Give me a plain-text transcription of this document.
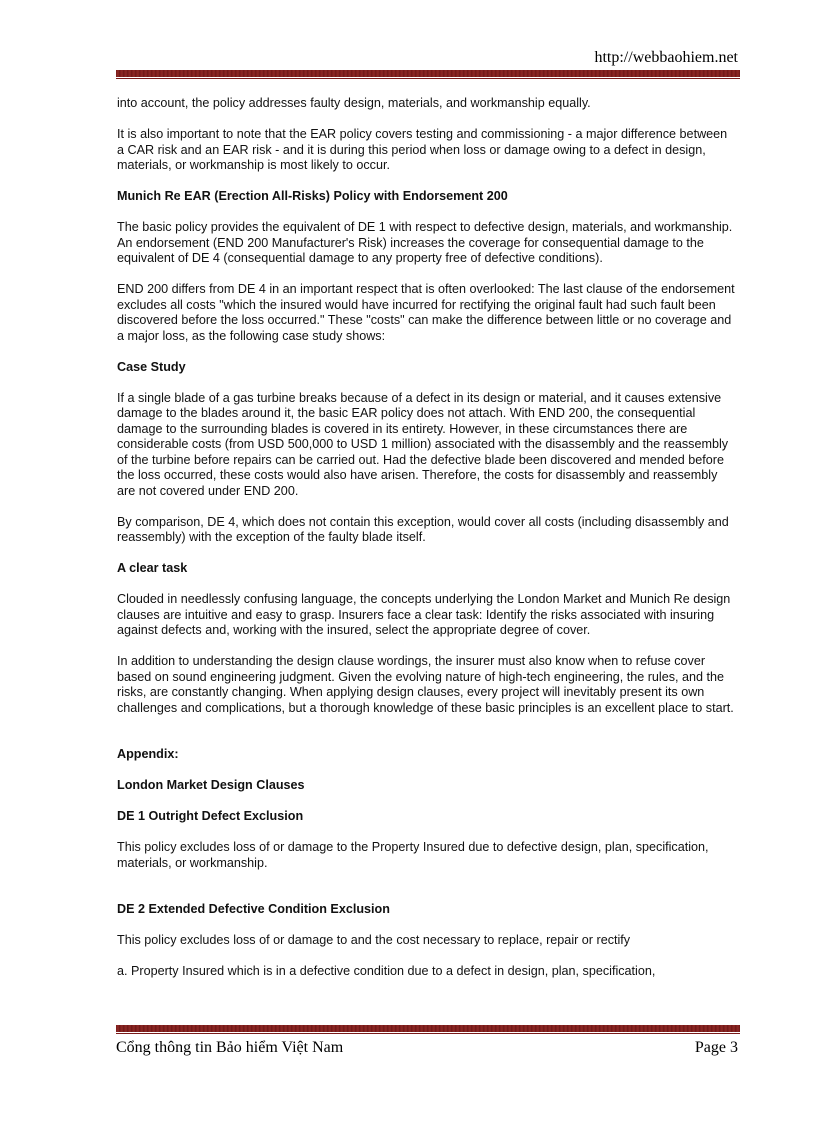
http://webbaohiem.net

into account, the policy addresses faulty design, materials, and workmanship equally.

It is also important to note that the EAR policy covers testing and commissioning - a major difference between a CAR risk and an EAR risk - and it is during this period when loss or damage owing to a defect in design, materials, or workmanship is most likely to occur.

Munich Re EAR (Erection All-Risks) Policy with Endorsement 200

The basic policy provides the equivalent of DE 1 with respect to defective design, materials, and workmanship. An endorsement (END 200 Manufacturer's Risk) increases the coverage for consequential damage to the equivalent of DE 4 (consequential damage to any property free of defective conditions).

END 200 differs from DE 4 in an important respect that is often overlooked: The last clause of the endorsement excludes all costs "which the insured would have incurred for rectifying the original fault had such fault been discovered before the loss occurred." These "costs" can make the difference between little or no coverage and a major loss, as the following case study shows:

Case Study

If a single blade of a gas turbine breaks because of a defect in its design or material, and it causes extensive damage to the blades around it, the basic EAR policy does not attach. With END 200, the consequential damage to the surrounding blades is covered in its entirety. However, in these circumstances there are considerable costs (from USD 500,000 to USD 1 million) associated with the disassembly and the reassembly of the turbine before repairs can be carried out. Had the defective blade been discovered and mended before the loss occurred, these costs would also have arisen. Therefore, the costs for disassembly and reassembly are not covered under END 200.

By comparison, DE 4, which does not contain this exception, would cover all costs (including disassembly and reassembly) with the exception of the faulty blade itself.

A clear task

Clouded in needlessly confusing language, the concepts underlying the London Market and Munich Re design clauses are intuitive and easy to grasp. Insurers face a clear task: Identify the risks associated with insuring against defects and, working with the insured, select the appropriate degree of cover.

In addition to understanding the design clause wordings, the insurer must also know when to refuse cover based on sound engineering judgment. Given the evolving nature of high-tech engineering, the rules, and the risks, are constantly changing. When applying design clauses, every project will inevitably present its own challenges and complications, but a thorough knowledge of these basic principles is an excellent place to start.

Appendix:

London Market Design Clauses

DE 1 Outright Defect Exclusion

This policy excludes loss of or damage to the Property Insured due to defective design, plan, specification, materials, or workmanship.

DE 2 Extended Defective Condition Exclusion

This policy excludes loss of or damage to and the cost necessary to replace, repair or rectify

a. Property Insured which is in a defective condition due to a defect in design, plan, specification,

Cổng thông tin Bảo hiểm Việt Nam	Page 3
